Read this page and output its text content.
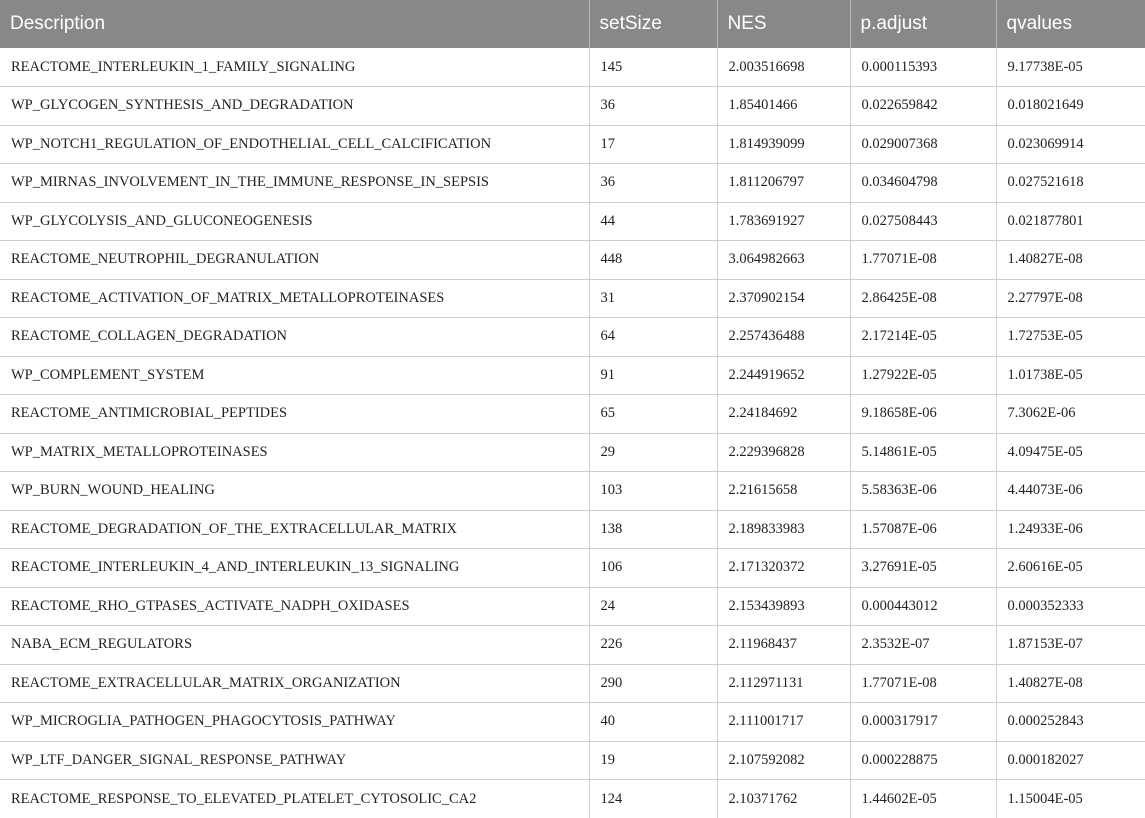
Description	setSize	NES	p.adjust	qvalues
REACTOME_INTERLEUKIN_1_FAMILY_SIGNALING	145	2.003516698	0.000115393	9.17738E-05
WP_GLYCOGEN_SYNTHESIS_AND_DEGRADATION	36	1.85401466	0.022659842	0.018021649
WP_NOTCH1_REGULATION_OF_ENDOTHELIAL_CELL_CALCIFICATION	17	1.814939099	0.029007368	0.023069914
WP_MIRNAS_INVOLVEMENT_IN_THE_IMMUNE_RESPONSE_IN_SEPSIS	36	1.811206797	0.034604798	0.027521618
WP_GLYCOLYSIS_AND_GLUCONEOGENESIS	44	1.783691927	0.027508443	0.021877801
REACTOME_NEUTROPHIL_DEGRANULATION	448	3.064982663	1.77071E-08	1.40827E-08
REACTOME_ACTIVATION_OF_MATRIX_METALLOPROTEINASES	31	2.370902154	2.86425E-08	2.27797E-08
REACTOME_COLLAGEN_DEGRADATION	64	2.257436488	2.17214E-05	1.72753E-05
WP_COMPLEMENT_SYSTEM	91	2.244919652	1.27922E-05	1.01738E-05
REACTOME_ANTIMICROBIAL_PEPTIDES	65	2.24184692	9.18658E-06	7.3062E-06
WP_MATRIX_METALLOPROTEINASES	29	2.229396828	5.14861E-05	4.09475E-05
WP_BURN_WOUND_HEALING	103	2.21615658	5.58363E-06	4.44073E-06
REACTOME_DEGRADATION_OF_THE_EXTRACELLULAR_MATRIX	138	2.189833983	1.57087E-06	1.24933E-06
REACTOME_INTERLEUKIN_4_AND_INTERLEUKIN_13_SIGNALING	106	2.171320372	3.27691E-05	2.60616E-05
REACTOME_RHO_GTPASES_ACTIVATE_NADPH_OXIDASES	24	2.153439893	0.000443012	0.000352333
NABA_ECM_REGULATORS	226	2.11968437	2.3532E-07	1.87153E-07
REACTOME_EXTRACELLULAR_MATRIX_ORGANIZATION	290	2.112971131	1.77071E-08	1.40827E-08
WP_MICROGLIA_PATHOGEN_PHAGOCYTOSIS_PATHWAY	40	2.111001717	0.000317917	0.000252843
WP_LTF_DANGER_SIGNAL_RESPONSE_PATHWAY	19	2.107592082	0.000228875	0.000182027
REACTOME_RESPONSE_TO_ELEVATED_PLATELET_CYTOSOLIC_CA2	124	2.10371762	1.44602E-05	1.15004E-05
